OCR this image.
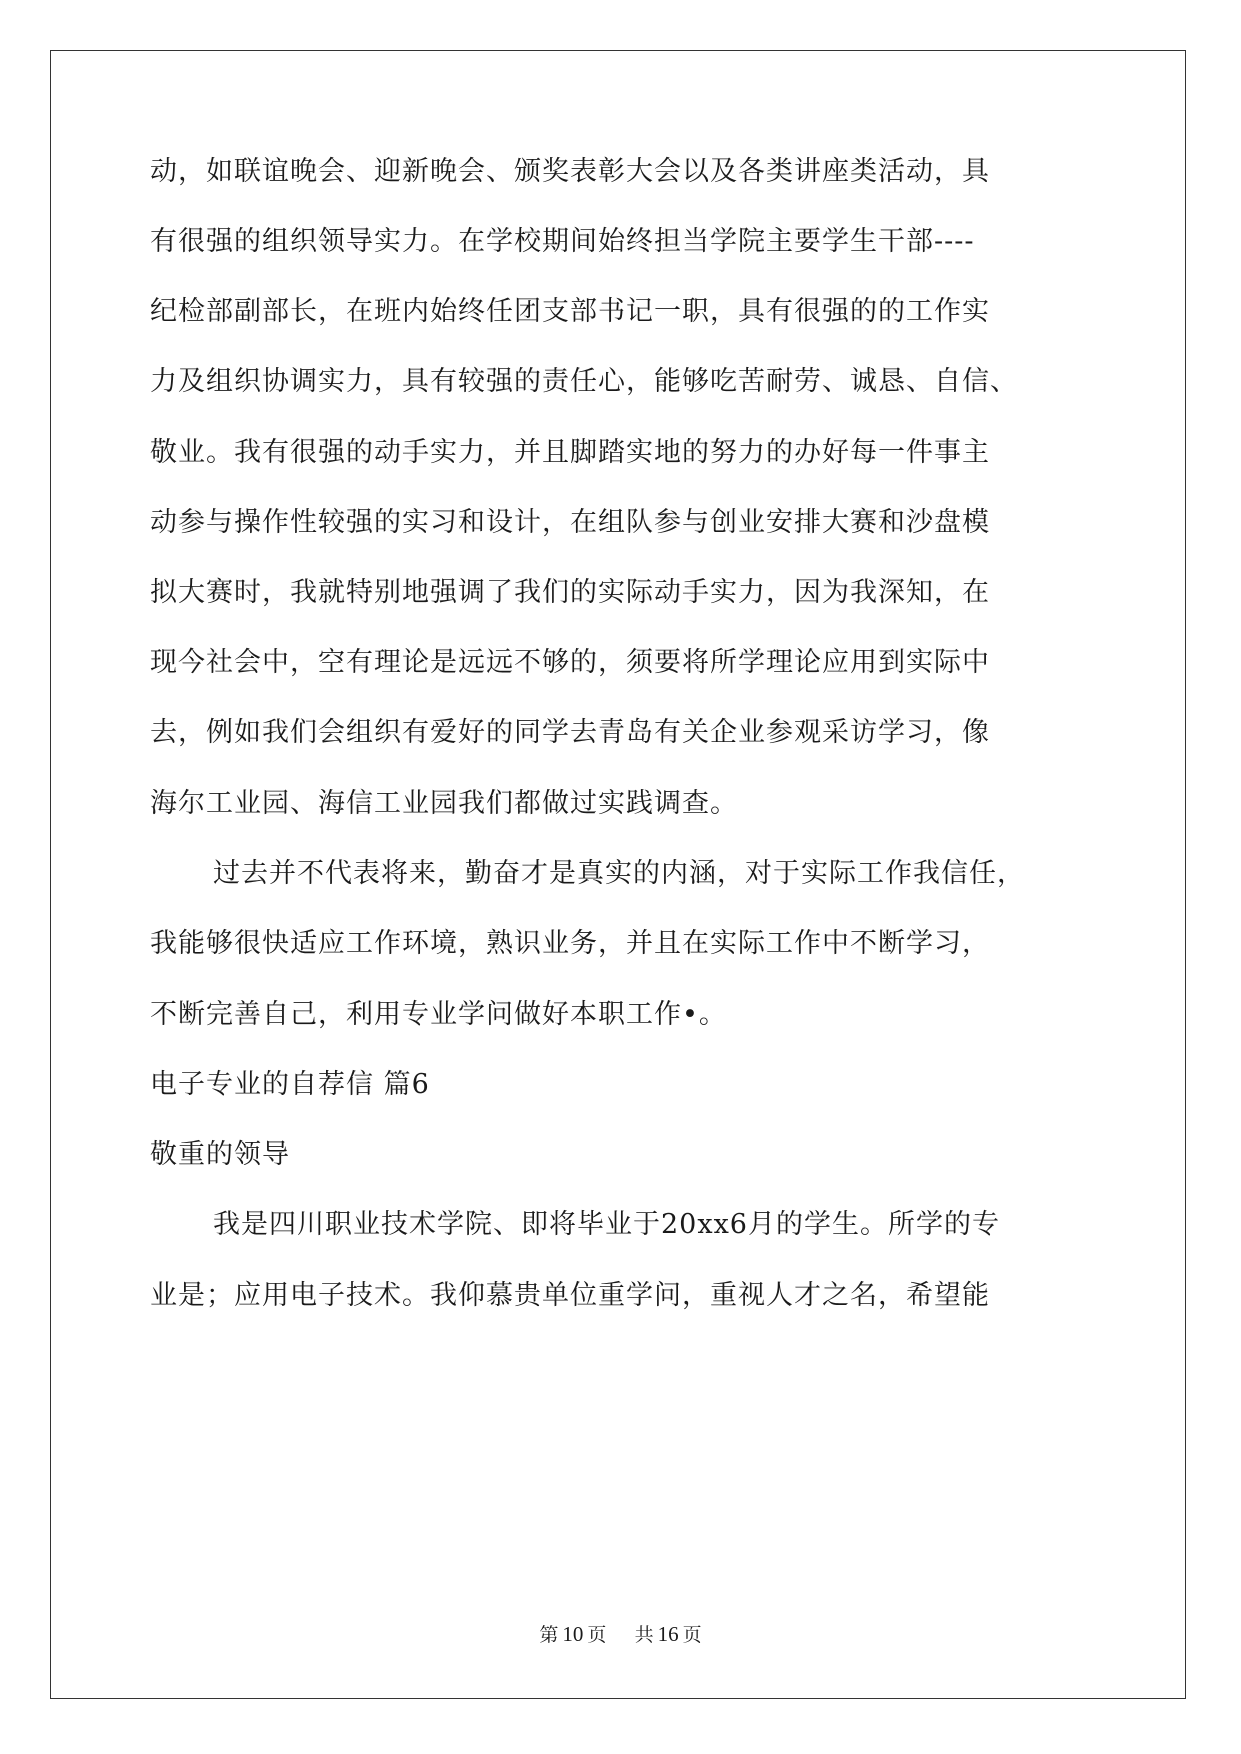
动，如联谊晚会、迎新晚会、颁奖表彰大会以及各类讲座类活动，具
有很强的组织领导实力。在学校期间始终担当学院主要学生干部----
纪检部副部长，在班内始终任团支部书记一职，具有很强的的工作实
力及组织协调实力，具有较强的责任心，能够吃苦耐劳、诚恳、自信、
敬业。我有很强的动手实力，并且脚踏实地的努力的办好每一件事主
动参与操作性较强的实习和设计，在组队参与创业安排大赛和沙盘模
拟大赛时，我就特别地强调了我们的实际动手实力，因为我深知，在
现今社会中，空有理论是远远不够的，须要将所学理论应用到实际中
去，例如我们会组织有爱好的同学去青岛有关企业参观采访学习，像
海尔工业园、海信工业园我们都做过实践调查。
过去并不代表将来，勤奋才是真实的内涵，对于实际工作我信任，
我能够很快适应工作环境，熟识业务，并且在实际工作中不断学习，
不断完善自己，利用专业学问做好本职工作•。
电子专业的自荐信 篇6
敬重的领导
我是四川职业技术学院、即将毕业于20xx6月的学生。所学的专
业是；应用电子技术。我仰慕贵单位重学问，重视人才之名，希望能
第 10 页 共 16 页
